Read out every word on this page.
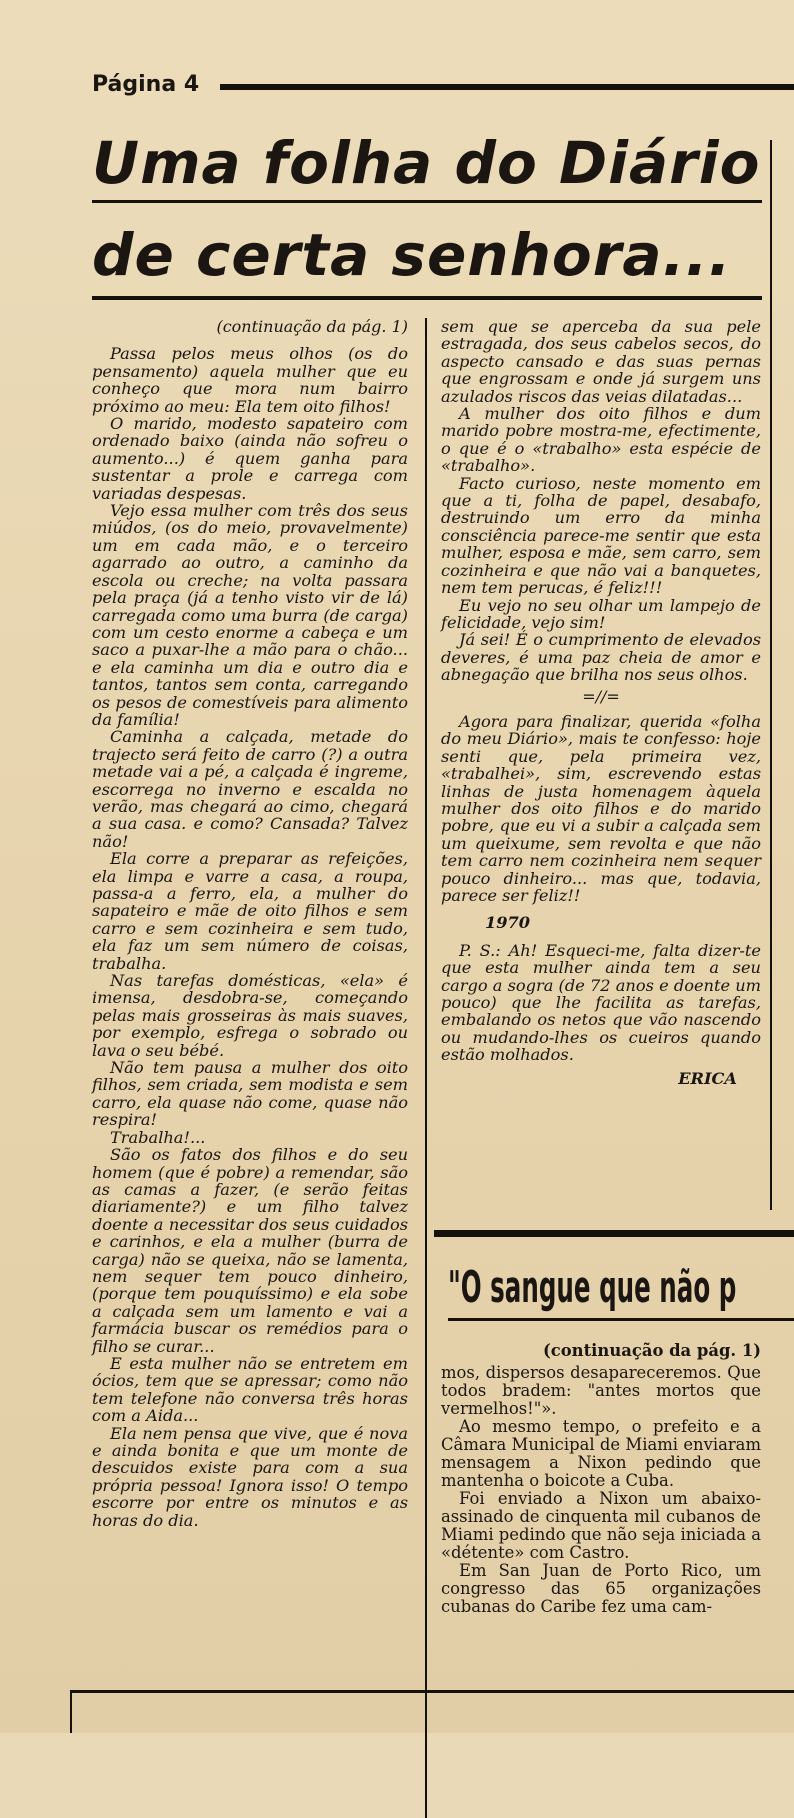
Página 4
Uma folha do Diário
de certa senhora...
(continuação da pág. 1)

Passa pelos meus olhos (os do pensamento) aquela mulher que eu conheço que mora num bairro próximo ao meu: Ela tem oito filhos!

O marido, modesto sapateiro com ordenado baixo (ainda não sofreu o aumento...) é quem ganha para sustentar a prole e carrega com variadas despesas.

Vejo essa mulher com três dos seus miúdos, (os do meio, provavelmente) um em cada mão, e o terceiro agarrado ao outro, a caminho da escola ou creche; na volta passara pela praça (já a tenho visto vir de lá) carregada como uma burra (de carga) com um cesto enorme a cabeça e um saco a puxar-lhe a mão para o chão... e ela caminha um dia e outro dia e tantos, tantos sem conta, carregando os pesos de comestíveis para alimento da família!

Caminha a calçada, metade do trajecto será feito de carro (?) a outra metade vai a pé, a calçada é ingreme, escorrega no inverno e escalda no verão, mas chegará ao cimo, chegará a sua casa. e como? Cansada? Talvez não!

Ela corre a preparar as refeições, ela limpa e varre a casa, a roupa, passa-a a ferro, ela, a mulher do sapateiro e mãe de oito filhos e sem carro e sem cozinheira e sem tudo, ela faz um sem número de coisas, trabalha.

Nas tarefas domésticas, «ela» é imensa, desdobra-se, começando pelas mais grosseiras às mais suaves, por exemplo, esfrega o sobrado ou lava o seu bébé.

Não tem pausa a mulher dos oito filhos, sem criada, sem modista e sem carro, ela quase não come, quase não respira!

Trabalha!...

São os fatos dos filhos e do seu homem (que é pobre) a remendar, são as camas a fazer, (e serão feitas diariamente?) e um filho talvez doente a necessitar dos seus cuidados e carinhos, e ela a mulher (burra de carga) não se queixa, não se lamenta, nem sequer tem pouco dinheiro, (porque tem pouquíssimo) e ela sobe a calçada sem um lamento e vai a farmácia buscar os remédios para o filho se curar...

E esta mulher não se entretem em ócios, tem que se apressar; como não tem telefone não conversa três horas com a Aida...

Ela nem pensa que vive, que é nova e ainda bonita e que um monte de descuidos existe para com a sua própria pessoa! Ignora isso! O tempo escorre por entre os minutos e as horas do dia.

sem que se aperceba da sua pele estragada, dos seus cabelos secos, do aspecto cansado e das suas pernas que engrossam e onde já surgem uns azulados riscos das veias dilatadas...

A mulher dos oito filhos e dum marido pobre mostra-me, efectimente, o que é o «trabalho» esta espécie de «trabalho».

Facto curioso, neste momento em que a ti, folha de papel, desabafo, destruindo um erro da minha consciência parece-me sentir que esta mulher, esposa e mãe, sem carro, sem cozinheira e que não vai a banquetes, nem tem perucas, é feliz!!!

Eu vejo no seu olhar um lampejo de felicidade, vejo sim!

Já sei! É o cumprimento de elevados deveres, é uma paz cheia de amor e abnegação que brilha nos seus olhos.

=//=

Agora para finalizar, querida «folha do meu Diário», mais te confesso: hoje senti que, pela primeira vez, «trabalhei», sim, escrevendo estas linhas de justa homenagem àquela mulher dos oito filhos e do marido pobre, que eu vi a subir a calçada sem um queixume, sem revolta e que não tem carro nem cozinheira nem sequer pouco dinheiro... mas que, todavia, parece ser feliz!!

1970

P. S.: Ah! Esqueci-me, falta dizer-te que esta mulher ainda tem a seu cargo a sogra (de 72 anos e doente um pouco) que lhe facilita as tarefas, embalando os netos que vão nascendo ou mudando-lhes os cueiros quando estão molhados.

ERICA
"O sangue que não p
(continuação da pág. 1)

mos, dispersos desapareceremos. Que todos bradem: "antes mortos que vermelhos!"».

Ao mesmo tempo, o prefeito e a Câmara Municipal de Miami enviaram mensagem a Nixon pedindo que mantenha o boicote a Cuba.

Foi enviado a Nixon um abaixo-assinado de cinquenta mil cubanos de Miami pedindo que não seja iniciada a «détente» com Castro.

Em San Juan de Porto Rico, um congresso das 65 organizações cubanas do Caribe fez uma cam-
